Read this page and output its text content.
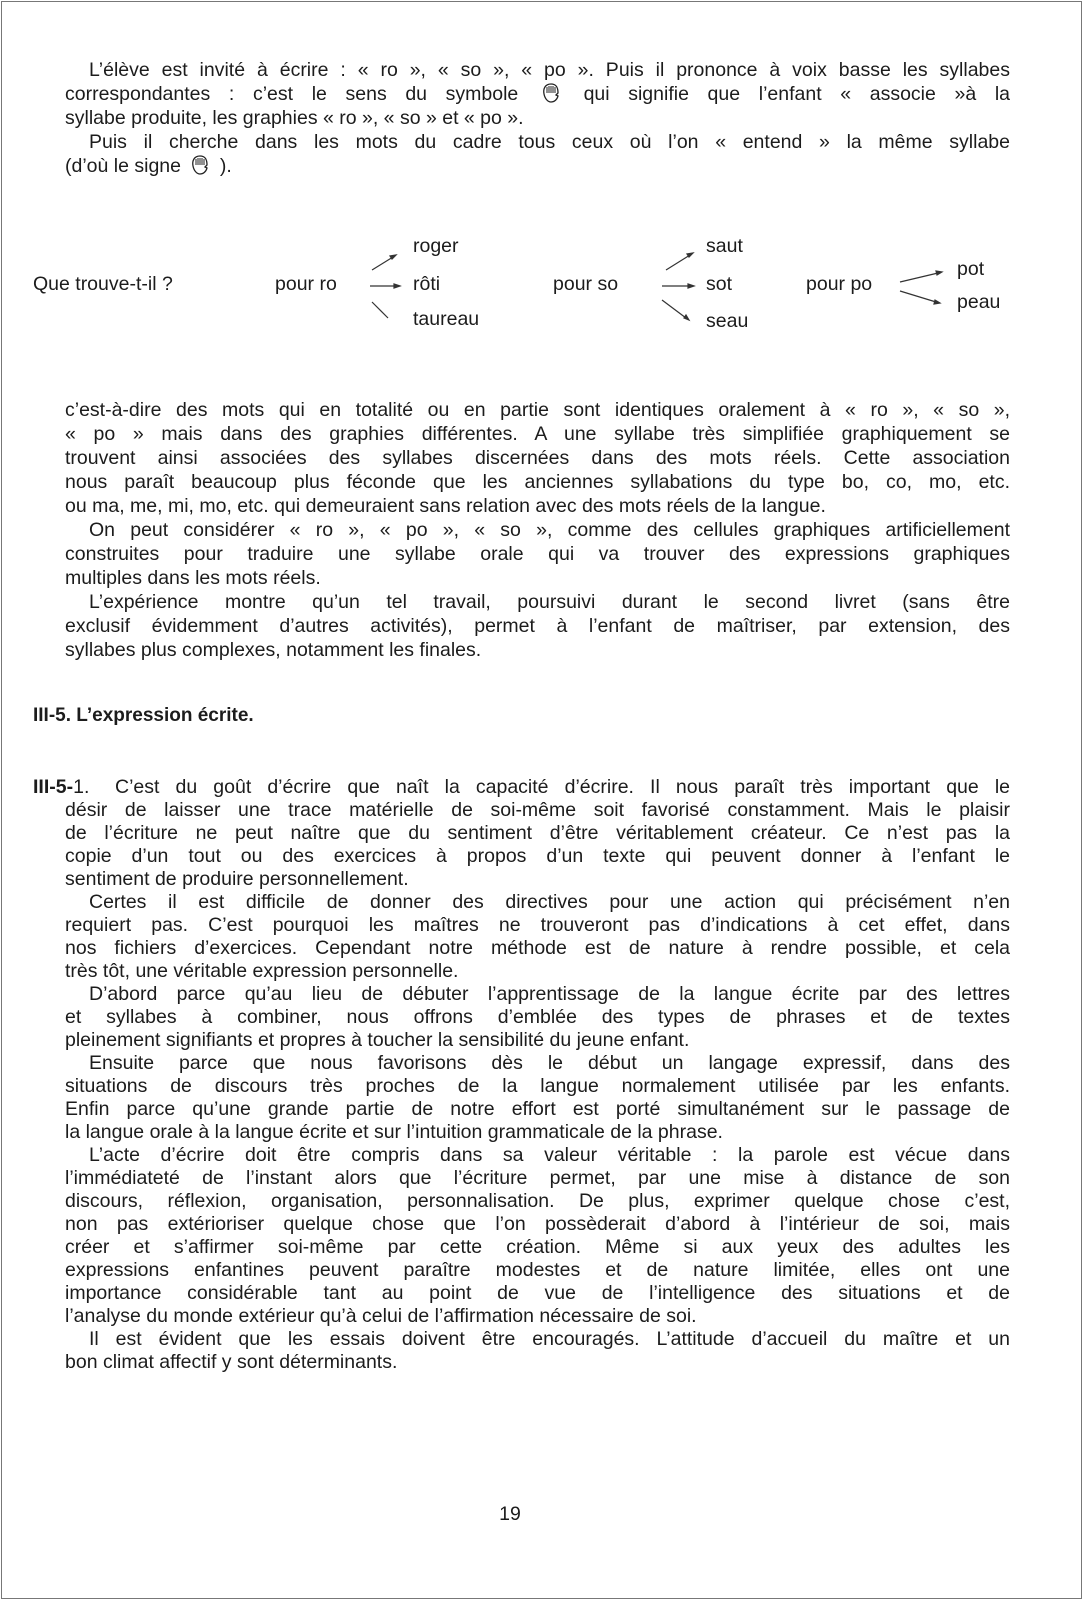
L’élève est invité à écrire : « ro », « so », « po ». Puis il prononce à voix basse les syllabes
correspondantes : c’est le sens du symbole	qui signifie que l’enfant « associe »à la
syllabe produite, les graphies « ro », « so » et « po ».
Puis il cherche dans les mots du cadre tous ceux où l’on « entend » la même syllabe
(d’où le signe ).
Que trouve-t-il ?	pour ro
roger
rôti
taureau
pour so
saut
sot
seau
pour po
pot
peau
c’est-à-dire des mots qui en totalité ou en partie sont identiques oralement à « ro », « so »,
« po » mais dans des graphies différentes. A une syllabe très simplifiée graphiquement se
trouvent ainsi associées des syllabes discernées dans des mots réels. Cette association
nous paraît beaucoup plus féconde que les anciennes syllabations du type bo, co, mo, etc.
ou ma, me, mi, mo, etc. qui demeuraient sans relation avec des mots réels de la langue.
On peut considérer « ro », « po », « so », comme des cellules graphiques artificiellement
construites pour traduire une syllabe orale qui va trouver des expressions graphiques
multiples dans les mots réels.
L’expérience montre qu’un tel travail, poursuivi durant le second livret (sans être
exclusif évidemment d’autres activités), permet à l’enfant de maîtriser, par extension, des
syllabes plus complexes, notamment les finales.
III-5. L’expression écrite.
III-5-1.	C’est du goût d’écrire que naît la capacité d’écrire. Il nous paraît très important que le
désir de laisser une trace matérielle de soi-même soit favorisé constamment. Mais le plaisir
de l’écriture ne peut naître que du sentiment d’être véritablement créateur. Ce n’est pas la
copie d’un tout ou des exercices à propos d’un texte qui peuvent donner à l’enfant le
sentiment de produire personnellement.
Certes il est difficile de donner des directives pour une action qui précisément n’en
requiert pas. C’est pourquoi les maîtres ne trouveront pas d’indications à cet effet, dans
nos fichiers d’exercices. Cependant notre méthode est de nature à rendre possible, et cela
très tôt, une véritable expression personnelle.
D’abord parce qu’au lieu de débuter l’apprentissage de la langue écrite par des lettres
et syllabes à combiner, nous offrons d’emblée des types de phrases et de textes
pleinement signifiants et propres à toucher la sensibilité du jeune enfant.
Ensuite parce que nous favorisons dès le début un langage expressif, dans des
situations de discours très proches de la langue normalement utilisée par les enfants.
Enfin parce qu’une grande partie de notre effort est porté simultanément sur le passage de
la langue orale à la langue écrite et sur l’intuition grammaticale de la phrase.
L’acte d’écrire doit être compris dans sa valeur véritable : la parole est vécue dans
l’immédiateté de l’instant alors que l’écriture permet, par une mise à distance de son
discours, réflexion, organisation, personnalisation. De plus, exprimer quelque chose c’est,
non pas extérioriser quelque chose que l’on possèderait d’abord à l’intérieur de soi, mais
créer et s’affirmer soi-même par cette création. Même si aux yeux des adultes les
expressions enfantines peuvent paraître modestes et de nature limitée, elles ont une
importance considérable tant au point de vue de l’intelligence des situations et de
l’analyse du monde extérieur qu’à celui de l’affirmation nécessaire de soi.
Il est évident que les essais doivent être encouragés. L’attitude d’accueil du maître et un
bon climat affectif y sont déterminants.
19
